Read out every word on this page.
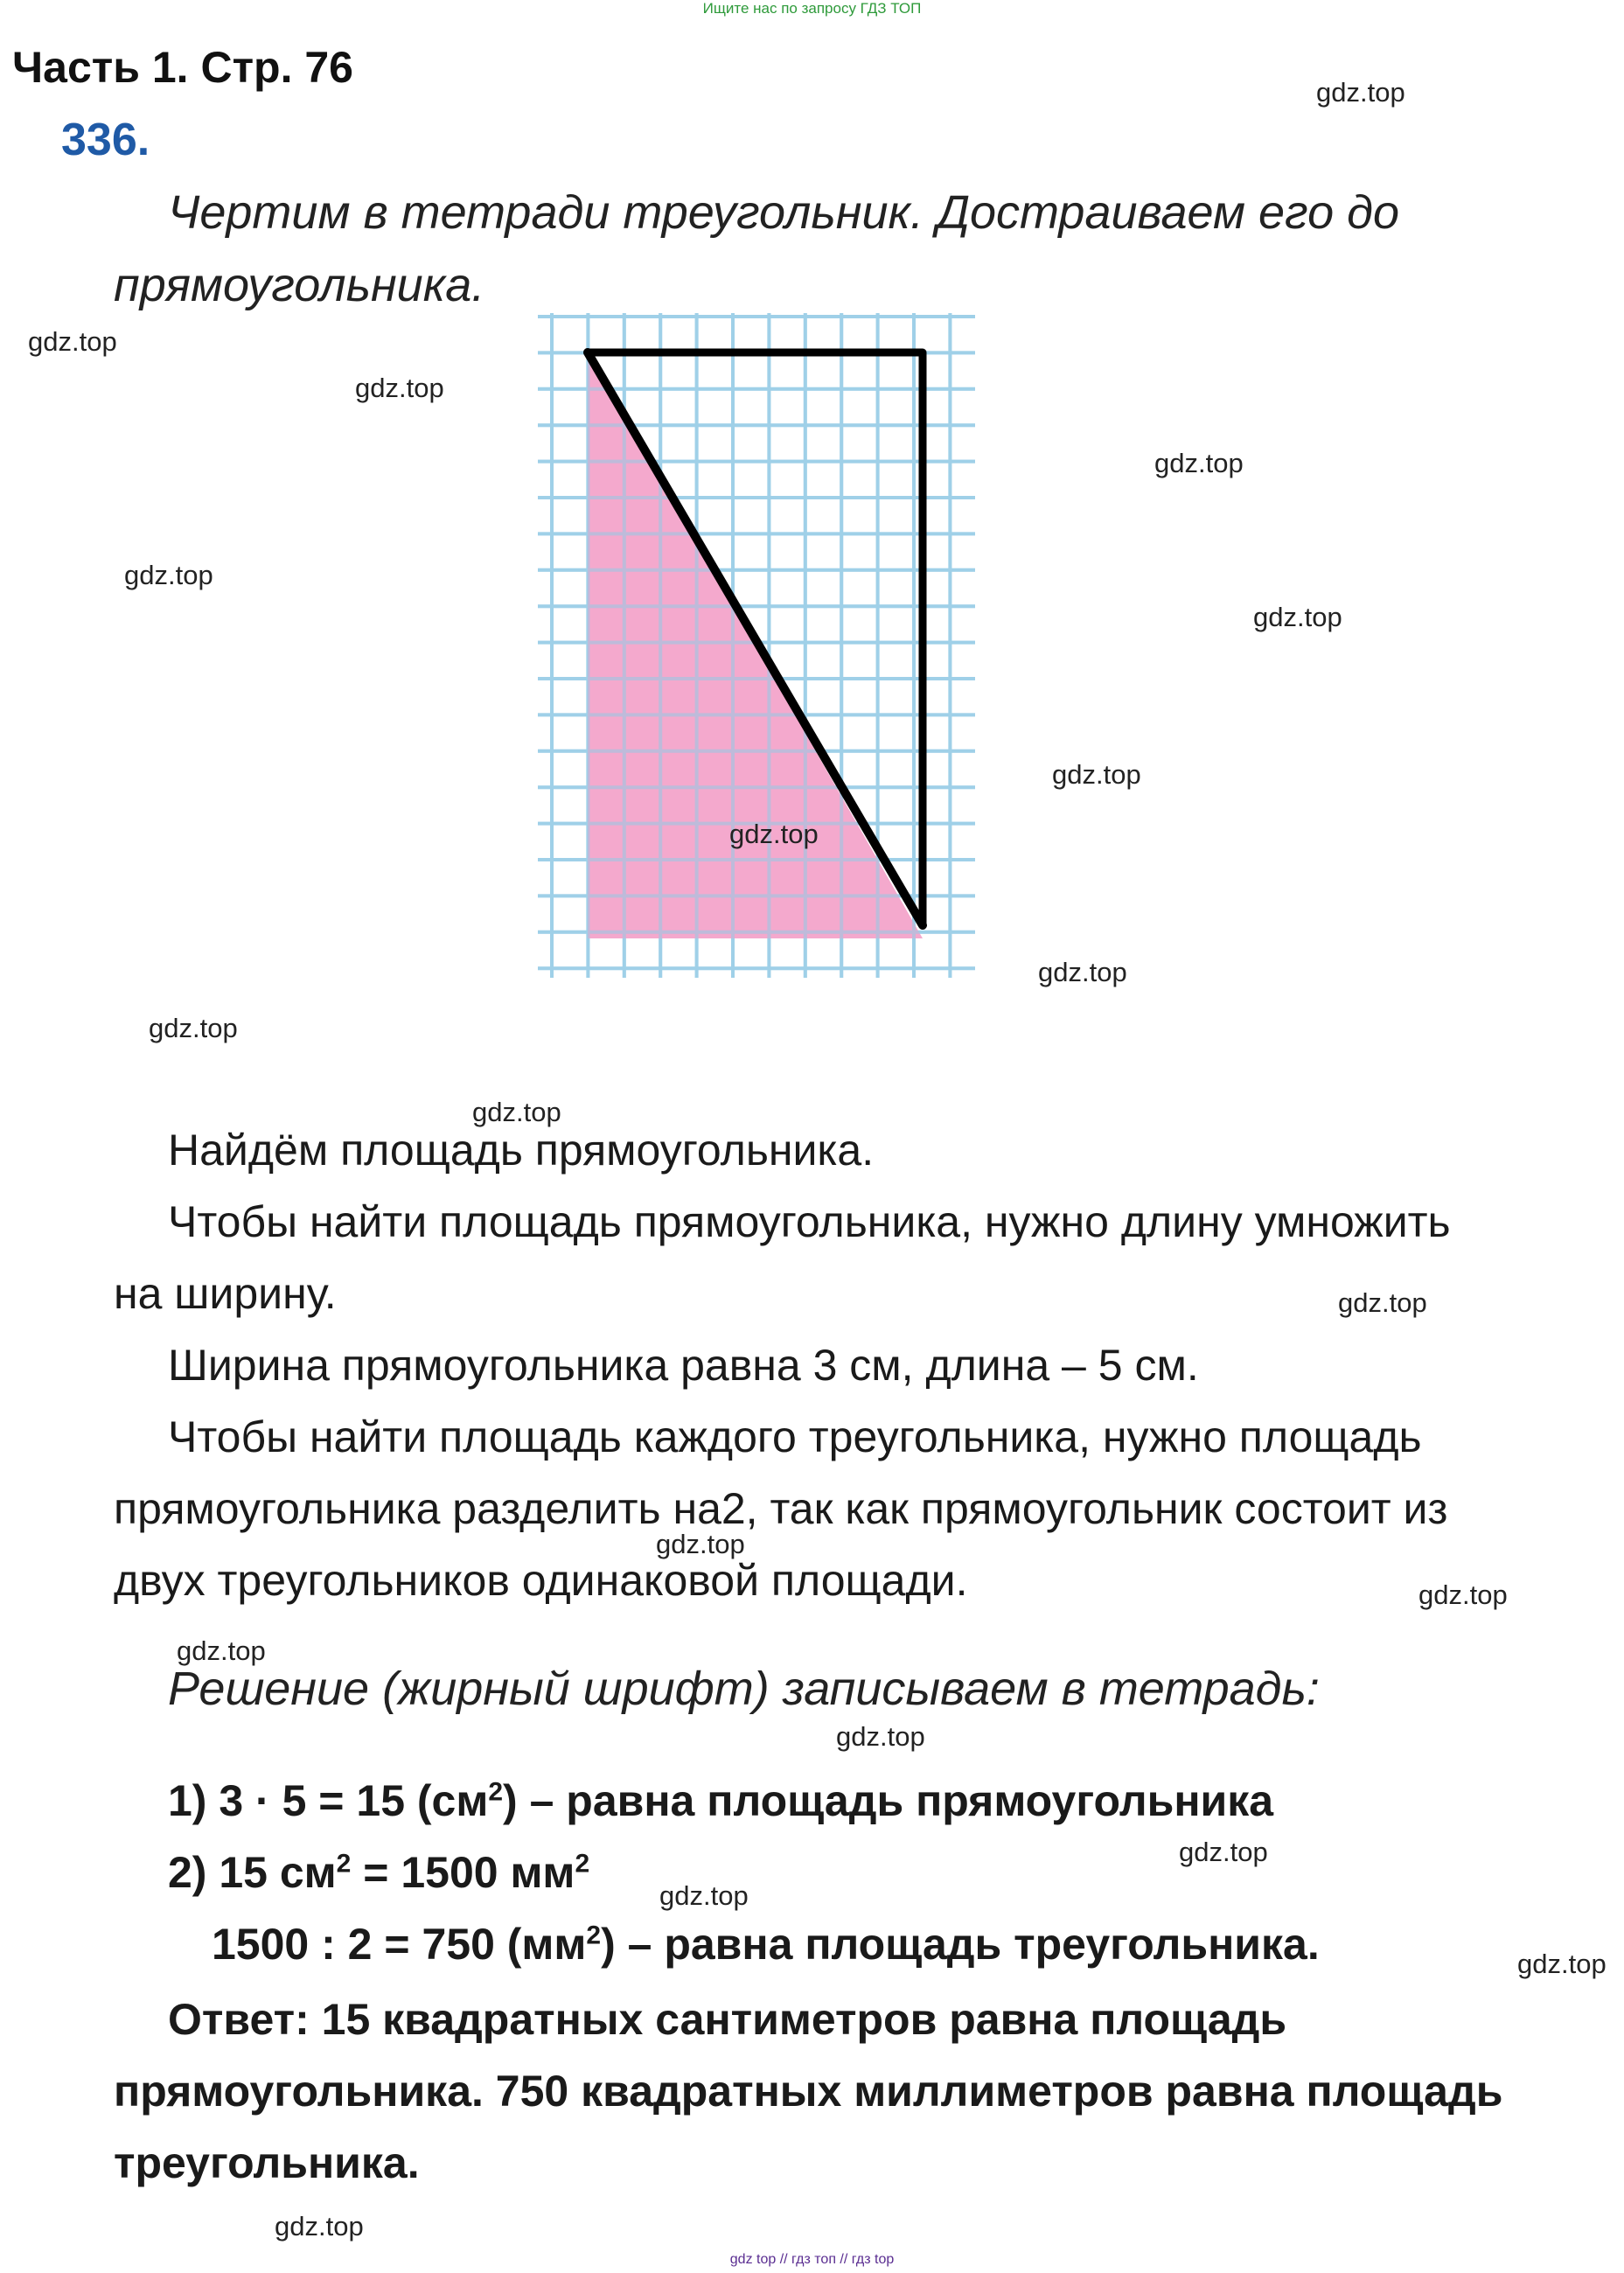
Ищите нас по запросу ГДЗ ТОП
Часть 1. Стр. 76
336.
Чертим в тетради треугольник. Достраиваем его до
прямоугольника.
Найдём площадь прямоугольника.
Чтобы найти площадь прямоугольника, нужно длину умножить
на ширину.
Ширина прямоугольника равна 3 см, длина – 5 см.
Чтобы найти площадь каждого треугольника, нужно площадь
прямоугольника разделить на2, так как прямоугольник состоит из
двух треугольников одинаковой площади.
Решение (жирный шрифт) записываем в тетрадь:
1) 3 · 5 = 15 $(см^2)$ – равна площадь прямоугольника
2) 15 $см^2 = 1500$ $мм^2$
1500 : 2 = 750 $(мм^2)$ – равна площадь треугольника.
Ответ: 15 квадратных сантиметров равна площадь
прямоугольника. 750 квадратных миллиметров равна площадь
треугольника.
gdz.top
gdz.top
gdz.top
gdz.top
gdz.top
gdz.top
gdz.top
gdz.top
gdz.top
gdz.top
gdz.top
gdz.top
gdz.top
gdz.top
gdz.top
gdz.top
gdz.top
gdz.top
gdz.top
gdz.top
gdz top // гдз топ // гдз top
